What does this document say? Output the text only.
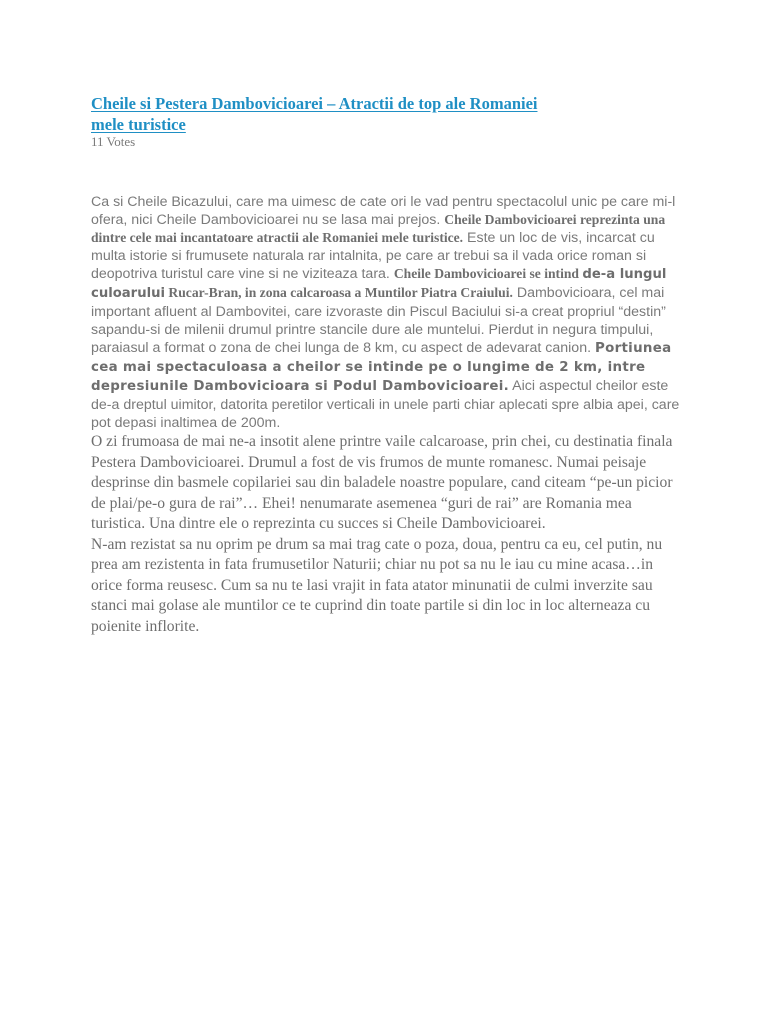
Cheile si Pestera Dambovicioarei – Atractii de top ale Romaniei
mele turistice
11 Votes

Ca si Cheile Bicazului, care ma uimesc de cate ori le vad pentru spectacolul unic pe care mi-l ofera, nici Cheile Dambovicioarei nu se lasa mai prejos. Cheile Dambovicioarei reprezinta una dintre cele mai incantatoare atractii ale Romaniei mele turistice. Este un loc de vis, incarcat cu multa istorie si frumusete naturala rar intalnita, pe care ar trebui sa il vada orice roman si deopotriva turistul care vine si ne viziteaza tara. Cheile Dambovicioarei se intind de-a lungul culoarului Rucar-Bran, in zona calcaroasa a Muntilor Piatra Craiului. Dambovicioara, cel mai important afluent al Dambovitei, care izvoraste din Piscul Baciului si-a creat propriul “destin” sapandu-si de milenii drumul printre stancile dure ale muntelui. Pierdut in negura timpului, paraiasul a format o zona de chei lunga de 8 km, cu aspect de adevarat canion. Portiunea cea mai spectaculoasa a cheilor se intinde pe o lungime de 2 km, intre depresiunile Dambovicioara si Podul Dambovicioarei. Aici aspectul cheilor este de-a dreptul uimitor, datorita peretilor verticali in unele parti chiar aplecati spre albia apei, care pot depasi inaltimea de 200m.

O zi frumoasa de mai ne-a insotit alene printre vaile calcaroase, prin chei, cu destinatia finala Pestera Dambovicioarei. Drumul a fost de vis frumos de munte romanesc. Numai peisaje desprinse din basmele copilariei sau din baladele noastre populare, cand citeam “pe-un picior de plai/pe-o gura de rai”… Ehei! nenumarate asemenea “guri de rai” are Romania mea turistica. Una dintre ele o reprezinta cu succes si Cheile Dambovicioarei.

N-am rezistat sa nu oprim pe drum sa mai trag cate o poza, doua, pentru ca eu, cel putin, nu prea am rezistenta in fata frumusetilor Naturii; chiar nu pot sa nu le iau cu mine acasa…in orice forma reusesc. Cum sa nu te lasi vrajit in fata atator minunatii de culmi inverzite sau stanci mai golase ale muntilor ce te cuprind din toate partile si din loc in loc alterneaza cu poienite inflorite.
